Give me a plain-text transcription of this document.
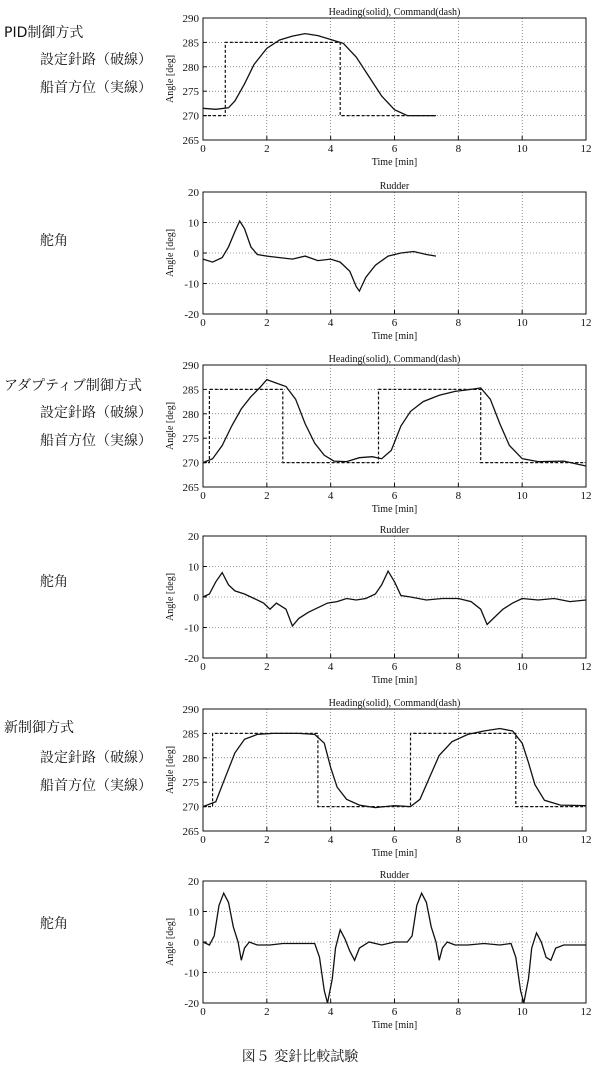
PID制御方式
設定針路（破線）
船首方位（実線）
舵角
アダプティブ制御方式
設定針路（破線）
船首方位（実線）
舵角
新制御方式
設定針路（破線）
船首方位（実線）
舵角
0	2	4	6	8	10	12
265
270
275
280
285
290
Heading(solid), Command(dash)
Time [min]
Angle [deg]
0	2	4	6	8	10	12
-20
-10
0
10
20
Rudder
Time [min]
Angle [deg]
0	2	4	6	8	10	12
265
270
275
280
285
290
Heading(solid), Command(dash)
Time [min]
Angle [deg]
0	2	4	6	8	10	12
-20
-10
0
10
20
Rudder
Time [min]
Angle [deg]
0	2	4	6	8	10	12
265
270
275
280
285
290
Heading(solid), Command(dash)
Time [min]
Angle [deg]
0	2	4	6	8	10	12
-20
-10
0
10
20
Rudder
Time [min]
Angle [deg]
図５ 変針比較試験
